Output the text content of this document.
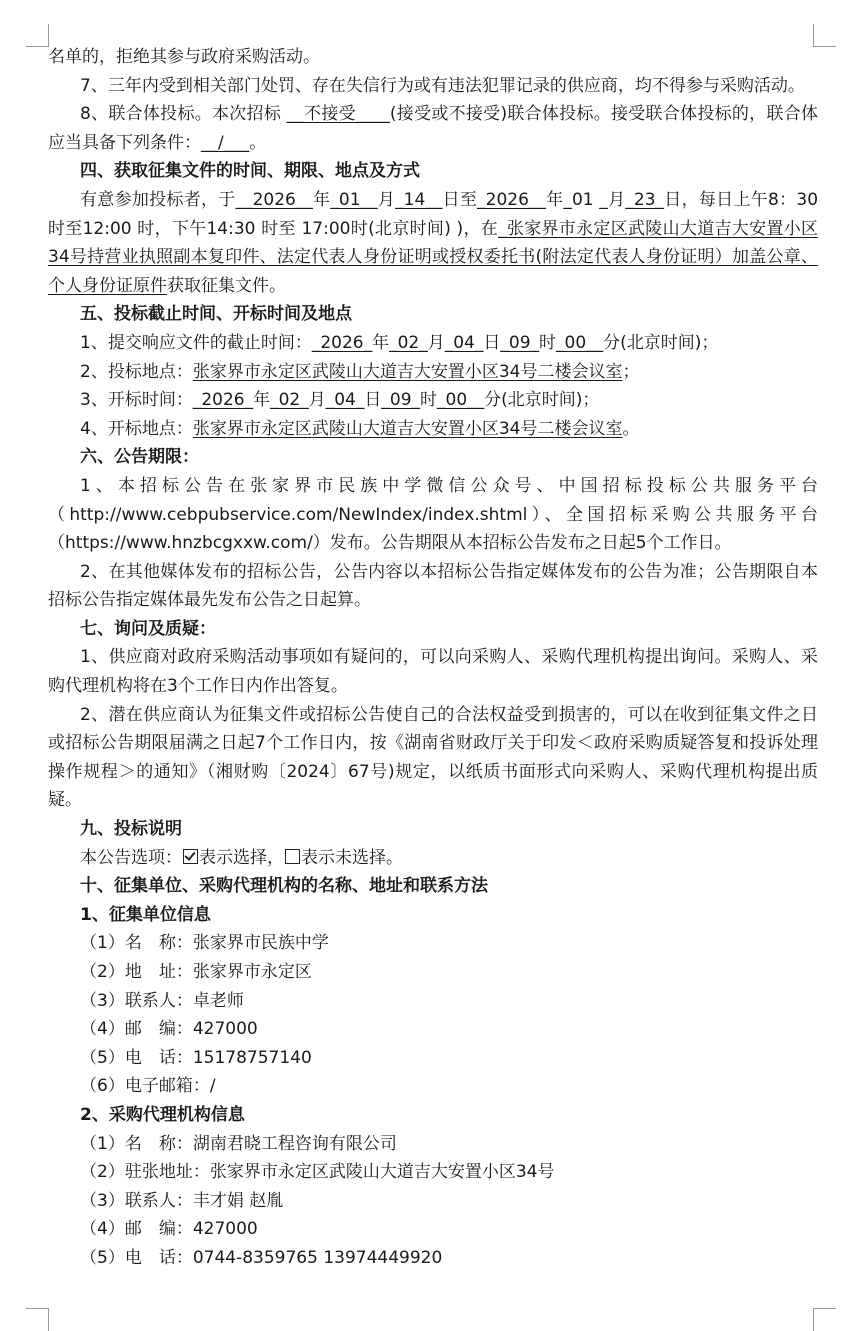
名单的，拒绝其参与政府采购活动。

7、三年内受到相关部门处罚、存在失信行为或有违法犯罪记录的供应商，均不得参与采购活动。

8、联合体投标。本次招标 __不接受____(接受或不接受)联合体投标。接受联合体投标的，联合体应当具备下列条件：__/___。

四、获取征集文件的时间、期限、地点及方式

有意参加投标者，于__2026__年_01__月_14__日至_2026__年_01 _月_23_日，每日上午8：30 时至12:00 时，下午14:30 时至 17:00时(北京时间) )，在_张家界市永定区武陵山大道吉大安置小区34号持营业执照副本复印件、法定代表人身份证明或授权委托书(附法定代表人身份证明）加盖公章、个人身份证原件获取征集文件。

五、投标截止时间、开标时间及地点

1、提交响应文件的截止时间：_2026_年_02_月_04_日_09_时_00__分(北京时间)；

2、投标地点：张家界市永定区武陵山大道吉大安置小区34号二楼会议室；

3、开标时间：_2026_年_02_月_04_日_09_时_00__分(北京时间)；

4、开标地点：张家界市永定区武陵山大道吉大安置小区34号二楼会议室。

六、公告期限：

1、本招标公告在张家界市民族中学微信公众号、中国招标投标公共服务平台（http://www.cebpubservice.com/NewIndex/index.shtml）、全国招标采购公共服务平台（https://www.hnzbcgxxw.com/）发布。公告期限从本招标公告发布之日起5个工作日。

2、在其他媒体发布的招标公告，公告内容以本招标公告指定媒体发布的公告为准；公告期限自本招标公告指定媒体最先发布公告之日起算。

七、询问及质疑：

1、供应商对政府采购活动事项如有疑问的，可以向采购人、采购代理机构提出询问。采购人、采购代理机构将在3个工作日内作出答复。

2、潜在供应商认为征集文件或招标公告使自己的合法权益受到损害的，可以在收到征集文件之日或招标公告期限届满之日起7个工作日内，按《湖南省财政厅关于印发＜政府采购质疑答复和投诉处理操作规程＞的通知》（湘财购〔2024〕67号)规定，以纸质书面形式向采购人、采购代理机构提出质疑。

九、投标说明

本公告选项： 表示选择， 表示未选择。

十、征集单位、采购代理机构的名称、地址和联系方法

1、征集单位信息

（1）名　称：张家界市民族中学

（2）地　址：张家界市永定区

（3）联系人：卓老师

（4）邮　编：427000

（5）电　话：15178757140

（6）电子邮箱：/

2、采购代理机构信息

（1）名　称：湖南君晓工程咨询有限公司

（2）驻张地址：张家界市永定区武陵山大道吉大安置小区34号

（3）联系人：丰才娟 赵胤

（4）邮　编：427000

（5）电　话：0744-8359765 13974449920
